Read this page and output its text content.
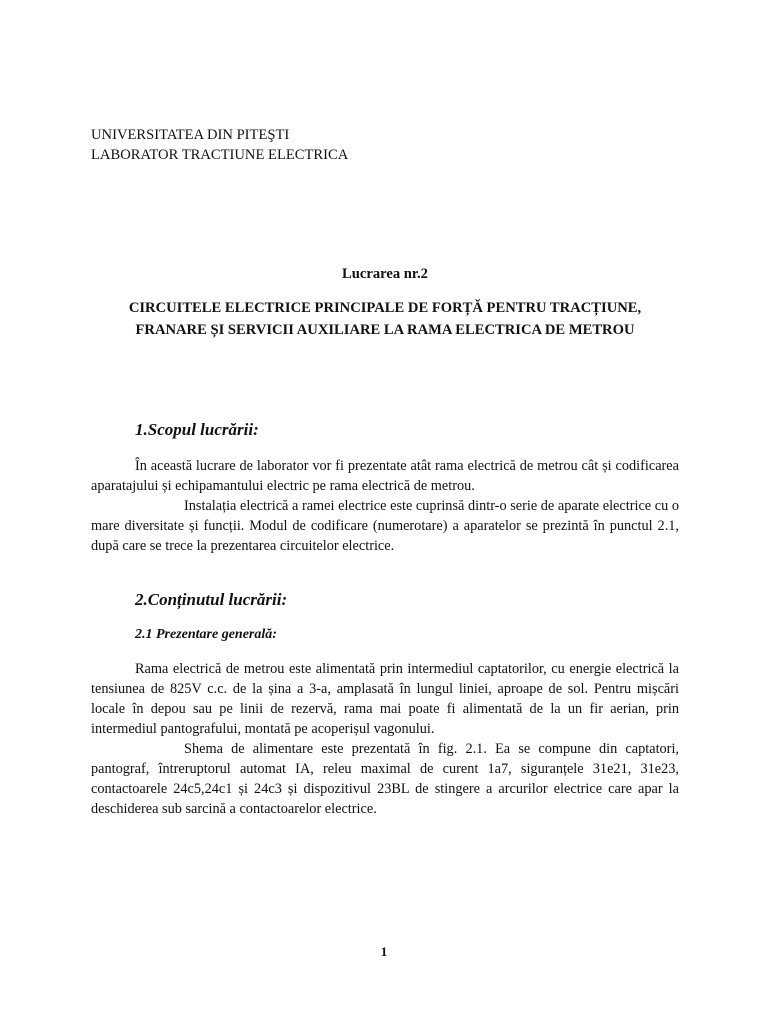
UNIVERSITATEA DIN PITEŞTI
LABORATOR TRACTIUNE ELECTRICA
Lucrarea nr.2
CIRCUITELE ELECTRICE PRINCIPALE DE FORȚĂ PENTRU TRACȚIUNE,
FRANARE ȘI SERVICII AUXILIARE LA RAMA ELECTRICA DE METROU
1.Scopul lucrării:

În această lucrare de laborator vor fi prezentate atât rama electrică de metrou cât și codificarea aparatajului și echipamantului electric pe rama electrică de metrou.

Instalația electrică a ramei electrice este cuprinsă dintr-o serie de aparate electrice cu o mare diversitate și funcții. Modul de codificare (numerotare) a aparatelor se prezintă în punctul 2.1, după care se trece la prezentarea circuitelor electrice.

2.Conținutul lucrării:
2.1 Prezentare generală:

Rama electrică de metrou este alimentată prin intermediul captatorilor, cu energie electrică la tensiunea de 825V c.c. de la șina a 3-a, amplasată în lungul liniei, aproape de sol. Pentru mișcări locale în depou sau pe linii de rezervă, rama mai poate fi alimentată de la un fir aerian, prin intermediul pantografului, montată pe acoperișul vagonului.

Shema de alimentare este prezentată în fig. 2.1. Ea se compune din captatori, pantograf, întreruptorul automat IA, releu maximal de curent 1a7, siguranțele 31e21, 31e23, contactoarele 24c5,24c1 și 24c3 și dispozitivul 23BL de stingere a arcurilor electrice care apar la deschiderea sub sarcină a contactoarelor electrice.

1
